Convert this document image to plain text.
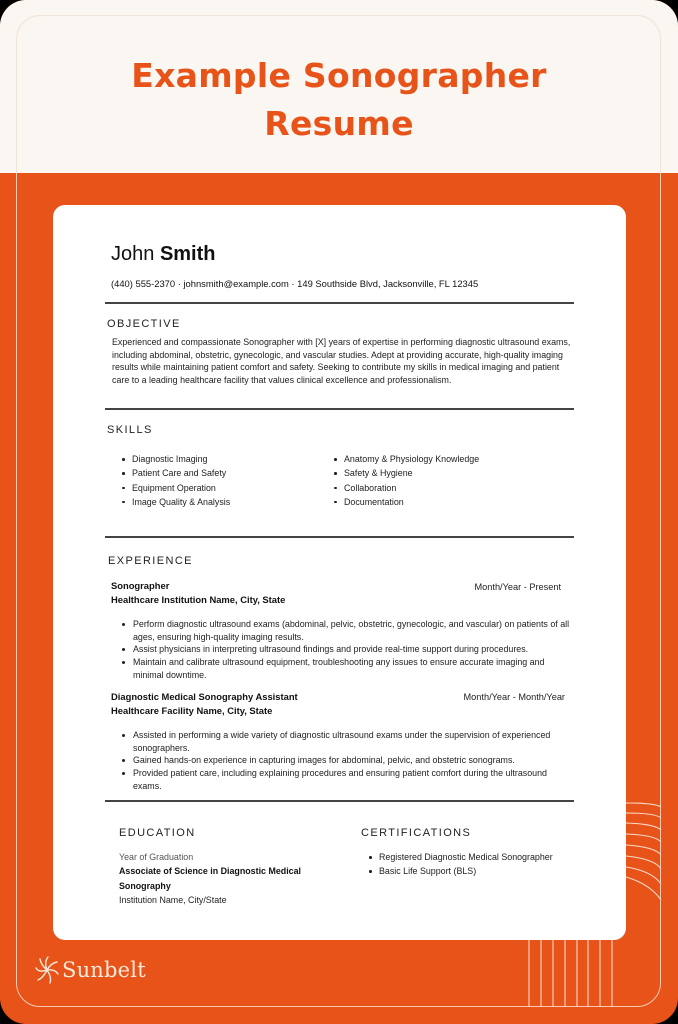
Example Sonographer
Resume
John Smith
(440) 555-2370 · johnsmith@example.com · 149 Southside Blvd, Jacksonville, FL 12345
OBJECTIVE
Experienced and compassionate Sonographer with [X] years of expertise in performing diagnostic ultrasound exams, including abdominal, obstetric, gynecologic, and vascular studies. Adept at providing accurate, high-quality imaging results while maintaining patient comfort and safety. Seeking to contribute my skills in medical imaging and patient care to a leading healthcare facility that values clinical excellence and professionalism.
SKILLS
Diagnostic Imaging
Patient Care and Safety
Equipment Operation
Image Quality & Analysis
Anatomy & Physiology Knowledge
Safety & Hygiene
Collaboration
Documentation
EXPERIENCE
Sonographer
Healthcare Institution Name, City, State
Month/Year - Present
Perform diagnostic ultrasound exams (abdominal, pelvic, obstetric, gynecologic, and vascular) on patients of all ages, ensuring high-quality imaging results.
Assist physicians in interpreting ultrasound findings and provide real-time support during procedures.
Maintain and calibrate ultrasound equipment, troubleshooting any issues to ensure accurate imaging and minimal downtime.
Diagnostic Medical Sonography Assistant
Healthcare Facility Name, City, State
Month/Year - Month/Year
Assisted in performing a wide variety of diagnostic ultrasound exams under the supervision of experienced sonographers.
Gained hands-on experience in capturing images for abdominal, pelvic, and obstetric sonograms.
Provided patient care, including explaining procedures and ensuring patient comfort during the ultrasound exams.
EDUCATION
Year of Graduation
Associate of Science in Diagnostic Medical Sonography
Institution Name, City/State
CERTIFICATIONS
Registered Diagnostic Medical Sonographer
Basic Life Support (BLS)
Sunbelt
